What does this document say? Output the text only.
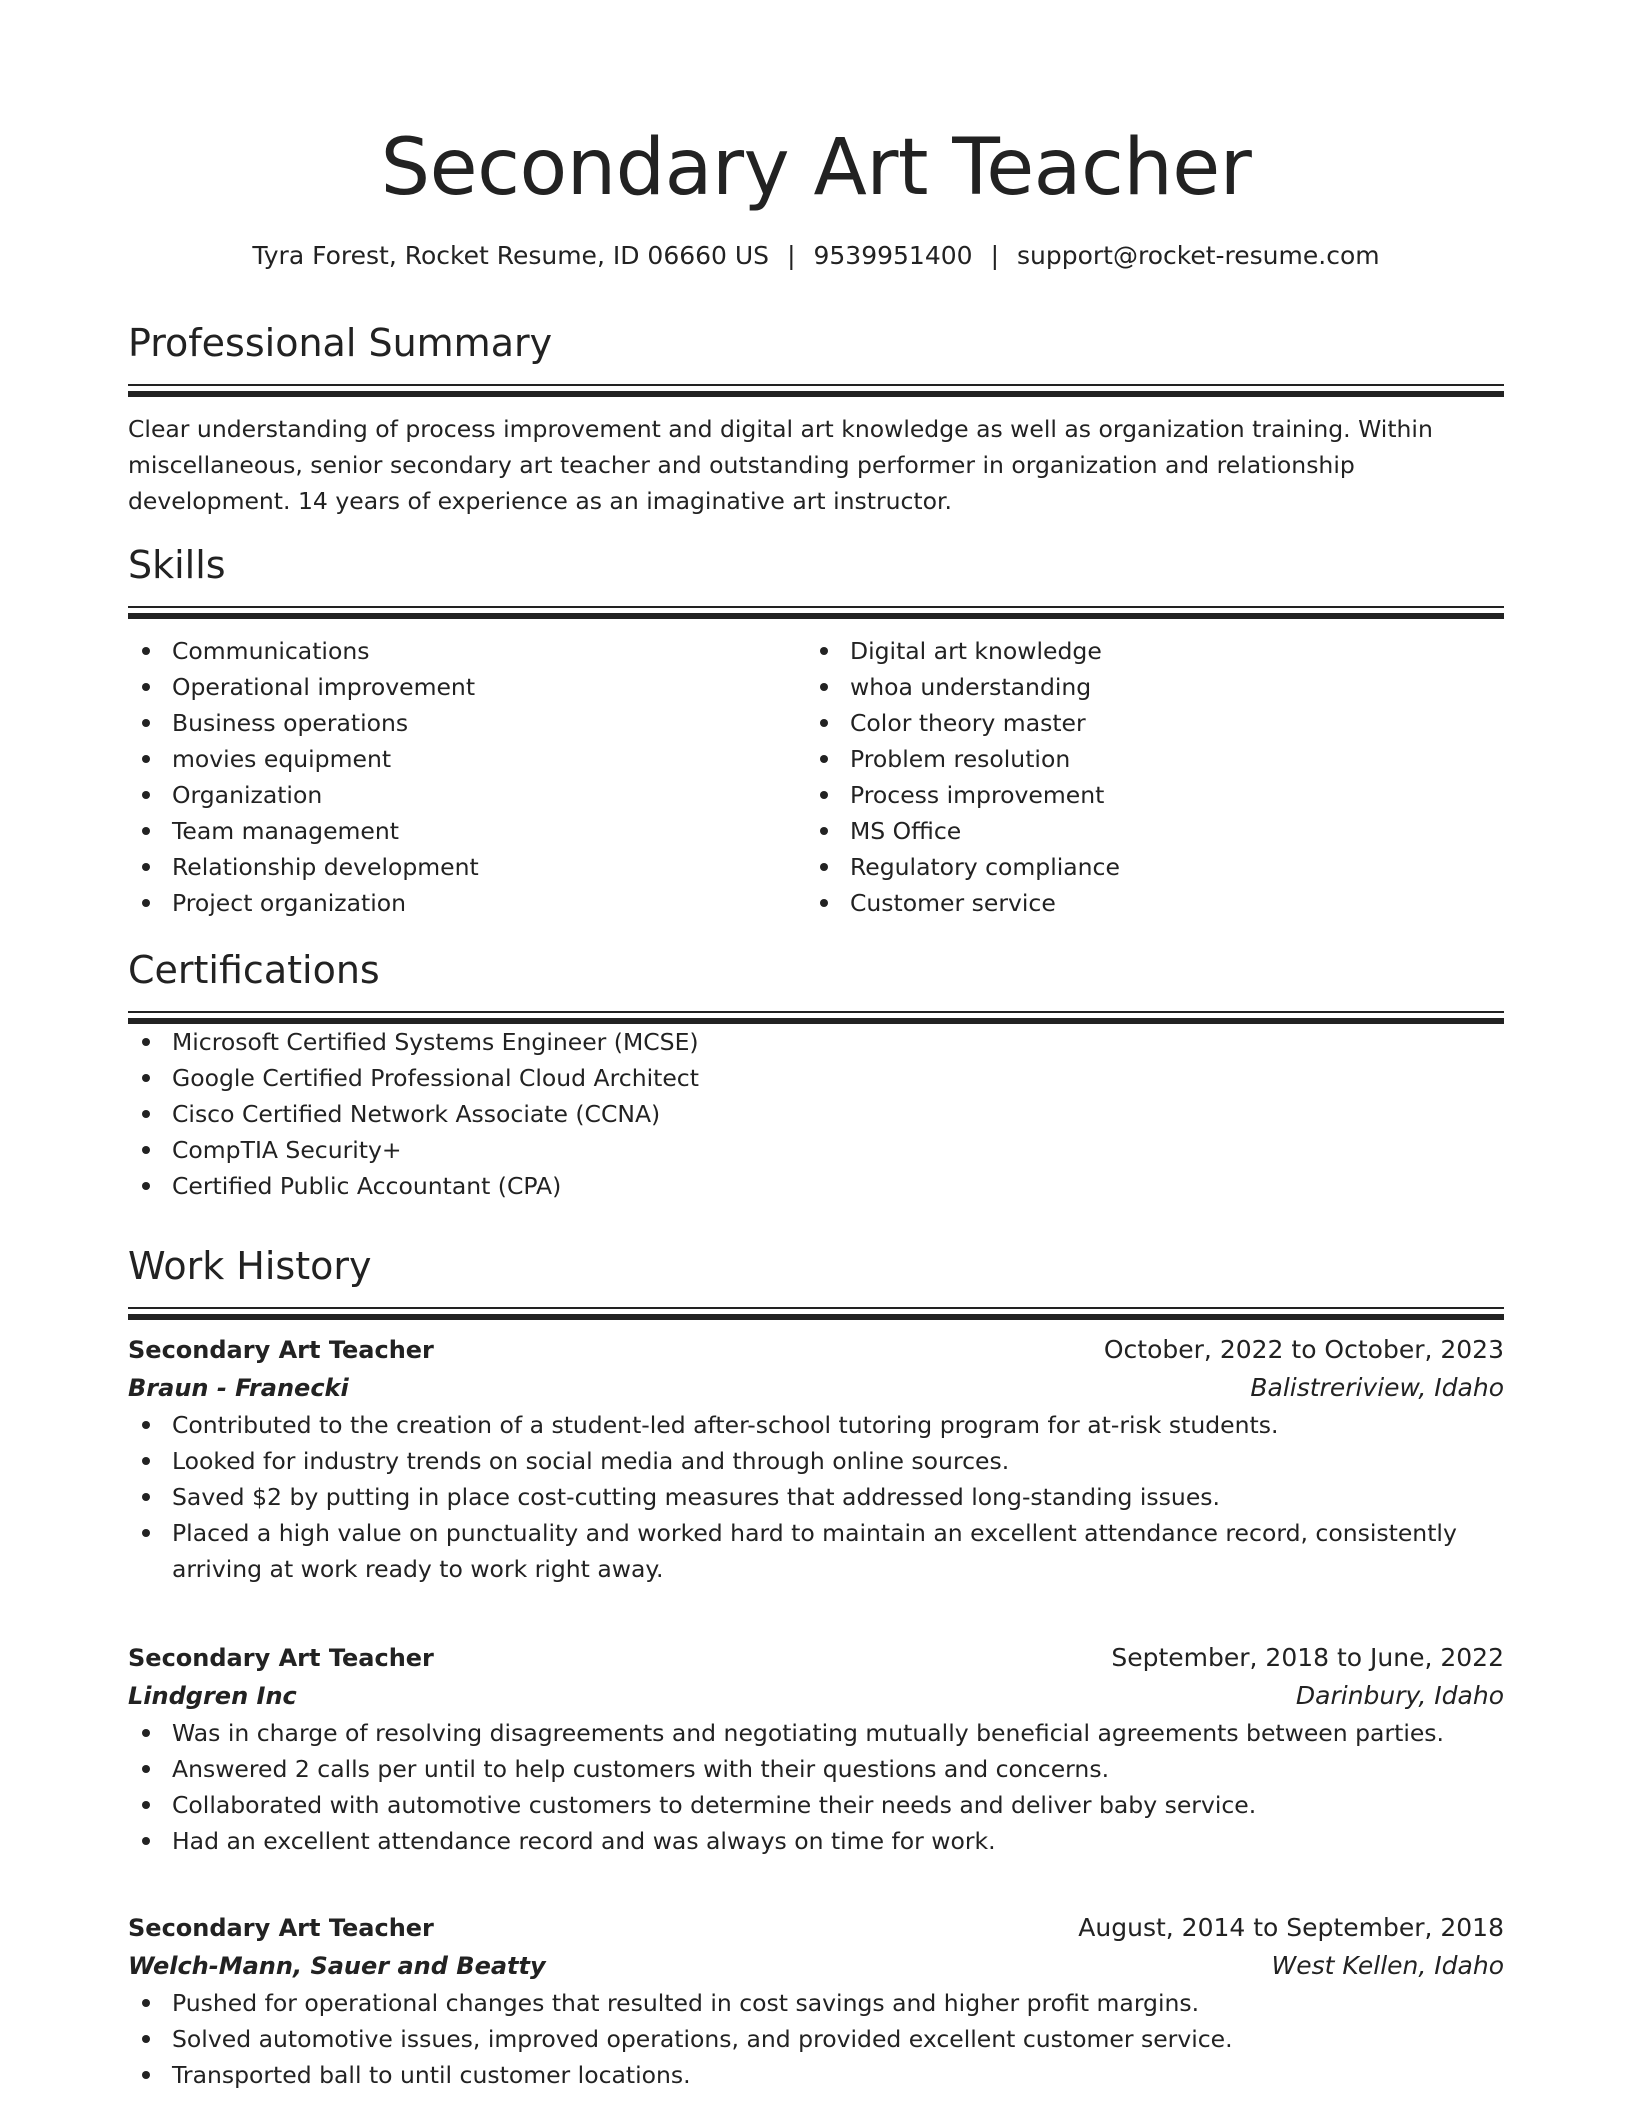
Secondary Art Teacher
Tyra Forest, Rocket Resume, ID 06660 US | 9539951400 | support@rocket-resume.com
Professional Summary
Clear understanding of process improvement and digital art knowledge as well as organization training. Within miscellaneous, senior secondary art teacher and outstanding performer in organization and relationship development. 14 years of experience as an imaginative art instructor.
Skills
Communications
Operational improvement
Business operations
movies equipment
Organization
Team management
Relationship development
Project organization
Digital art knowledge
whoa understanding
Color theory master
Problem resolution
Process improvement
MS Office
Regulatory compliance
Customer service
Certifications
Microsoft Certified Systems Engineer (MCSE)
Google Certified Professional Cloud Architect
Cisco Certified Network Associate (CCNA)
CompTIA Security+
Certified Public Accountant (CPA)
Work History
Secondary Art Teacher	October, 2022 to October, 2023
Braun - Franecki	Balistreriview, Idaho
Contributed to the creation of a student-led after-school tutoring program for at-risk students.
Looked for industry trends on social media and through online sources.
Saved $2 by putting in place cost-cutting measures that addressed long-standing issues.
Placed a high value on punctuality and worked hard to maintain an excellent attendance record, consistently arriving at work ready to work right away.
Secondary Art Teacher	September, 2018 to June, 2022
Lindgren Inc	Darinbury, Idaho
Was in charge of resolving disagreements and negotiating mutually beneficial agreements between parties.
Answered 2 calls per until to help customers with their questions and concerns.
Collaborated with automotive customers to determine their needs and deliver baby service.
Had an excellent attendance record and was always on time for work.
Secondary Art Teacher	August, 2014 to September, 2018
Welch-Mann, Sauer and Beatty	West Kellen, Idaho
Pushed for operational changes that resulted in cost savings and higher profit margins.
Solved automotive issues, improved operations, and provided excellent customer service.
Transported ball to until customer locations.
